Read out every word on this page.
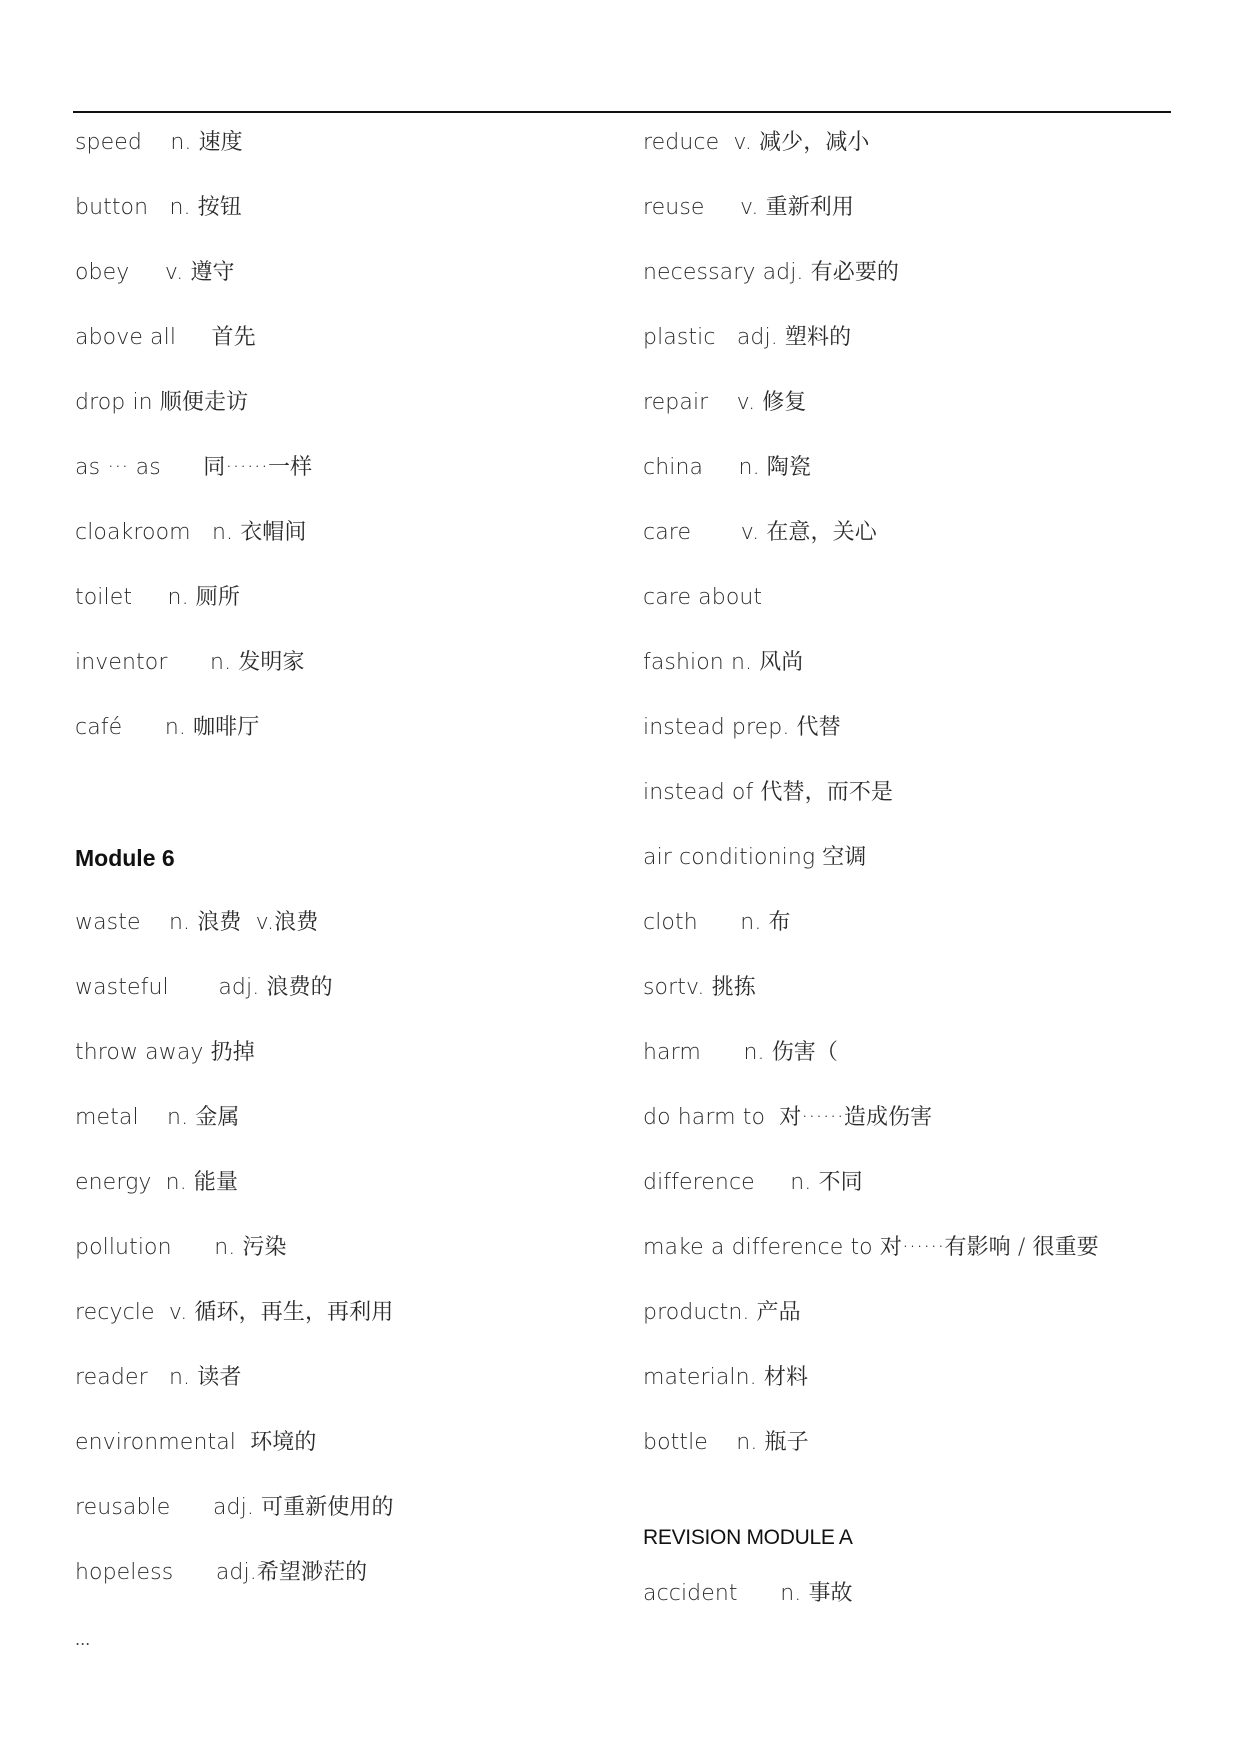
speed    n. 速度
button   n. 按钮
obey     v. 遵守
above all     首先
drop in 顺便走访
as ··· as      同······一样
cloakroom   n. 衣帽间
toilet     n. 厕所
inventor      n. 发明家
café      n. 咖啡厅
Module 6
waste    n. 浪费  v.浪费
wasteful       adj. 浪费的
throw away 扔掉
metal    n. 金属
energy  n. 能量
pollution      n. 污染
recycle  v. 循环，再生，再利用
reader   n. 读者
environmental  环境的
reusable      adj. 可重新使用的
hopeless      adj.希望渺茫的
...
reduce  v. 减少，减小
reuse     v. 重新利用
necessary adj. 有必要的
plastic   adj. 塑料的
repair    v. 修复
china     n. 陶瓷
care       v. 在意，关心
care about
fashion n. 风尚
instead prep. 代替
instead of 代替，而不是
air conditioning 空调
cloth      n. 布
sortv. 挑拣
harm      n. 伤害（
do harm to  对······造成伤害
difference     n. 不同
make a difference to 对······有影响 / 很重要
productn. 产品
materialn. 材料
bottle    n. 瓶子
REVISION MODULE A
accident      n. 事故
